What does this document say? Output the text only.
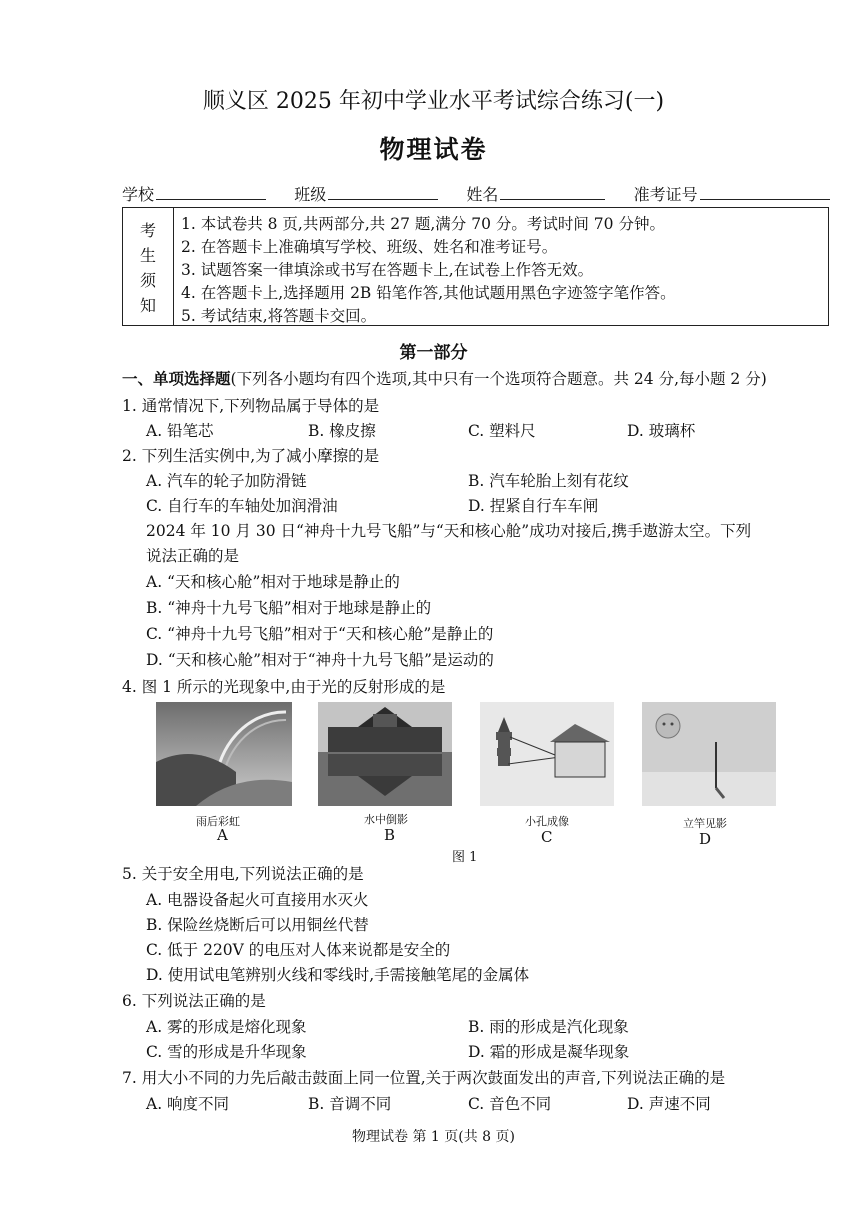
顺义区 2025 年初中学业水平考试综合练习(一)
物理试卷
学校	班级	姓名	准考证号
考
生
须
知
1. 本试卷共 8 页,共两部分,共 27 题,满分 70 分。考试时间 70 分钟。
2. 在答题卡上准确填写学校、班级、姓名和准考证号。
3. 试题答案一律填涂或书写在答题卡上,在试卷上作答无效。
4. 在答题卡上,选择题用 2B 铅笔作答,其他试题用黑色字迹签字笔作答。
5. 考试结束,将答题卡交回。
第一部分
一、单项选择题(下列各小题均有四个选项,其中只有一个选项符合题意。共 24 分,每小题 2 分)
1. 通常情况下,下列物品属于导体的是
A. 铅笔芯	B. 橡皮擦	C. 塑料尺	D. 玻璃杯
2. 下列生活实例中,为了减小摩擦的是
A. 汽车的轮子加防滑链	B. 汽车轮胎上刻有花纹
C. 自行车的车轴处加润滑油	D. 捏紧自行车车闸
2024 年 10 月 30 日“神舟十九号飞船”与“天和核心舱”成功对接后,携手遨游太空。下列
说法正确的是
A. “天和核心舱”相对于地球是静止的
B. “神舟十九号飞船”相对于地球是静止的
C. “神舟十九号飞船”相对于“天和核心舱”是静止的
D. “天和核心舱”相对于“神舟十九号飞船”是运动的
4. 图 1 所示的光现象中,由于光的反射形成的是
雨后彩虹
A
水中倒影
B
小孔成像
C
立竿见影
D
图 1
5. 关于安全用电,下列说法正确的是
A. 电器设备起火可直接用水灭火
B. 保险丝烧断后可以用铜丝代替
C. 低于 220V 的电压对人体来说都是安全的
D. 使用试电笔辨别火线和零线时,手需接触笔尾的金属体
6. 下列说法正确的是
A. 雾的形成是熔化现象	B. 雨的形成是汽化现象
C. 雪的形成是升华现象	D. 霜的形成是凝华现象
7. 用大小不同的力先后敲击鼓面上同一位置,关于两次鼓面发出的声音,下列说法正确的是
A. 响度不同	B. 音调不同	C. 音色不同	D. 声速不同
物理试卷 第 1 页(共 8 页)
